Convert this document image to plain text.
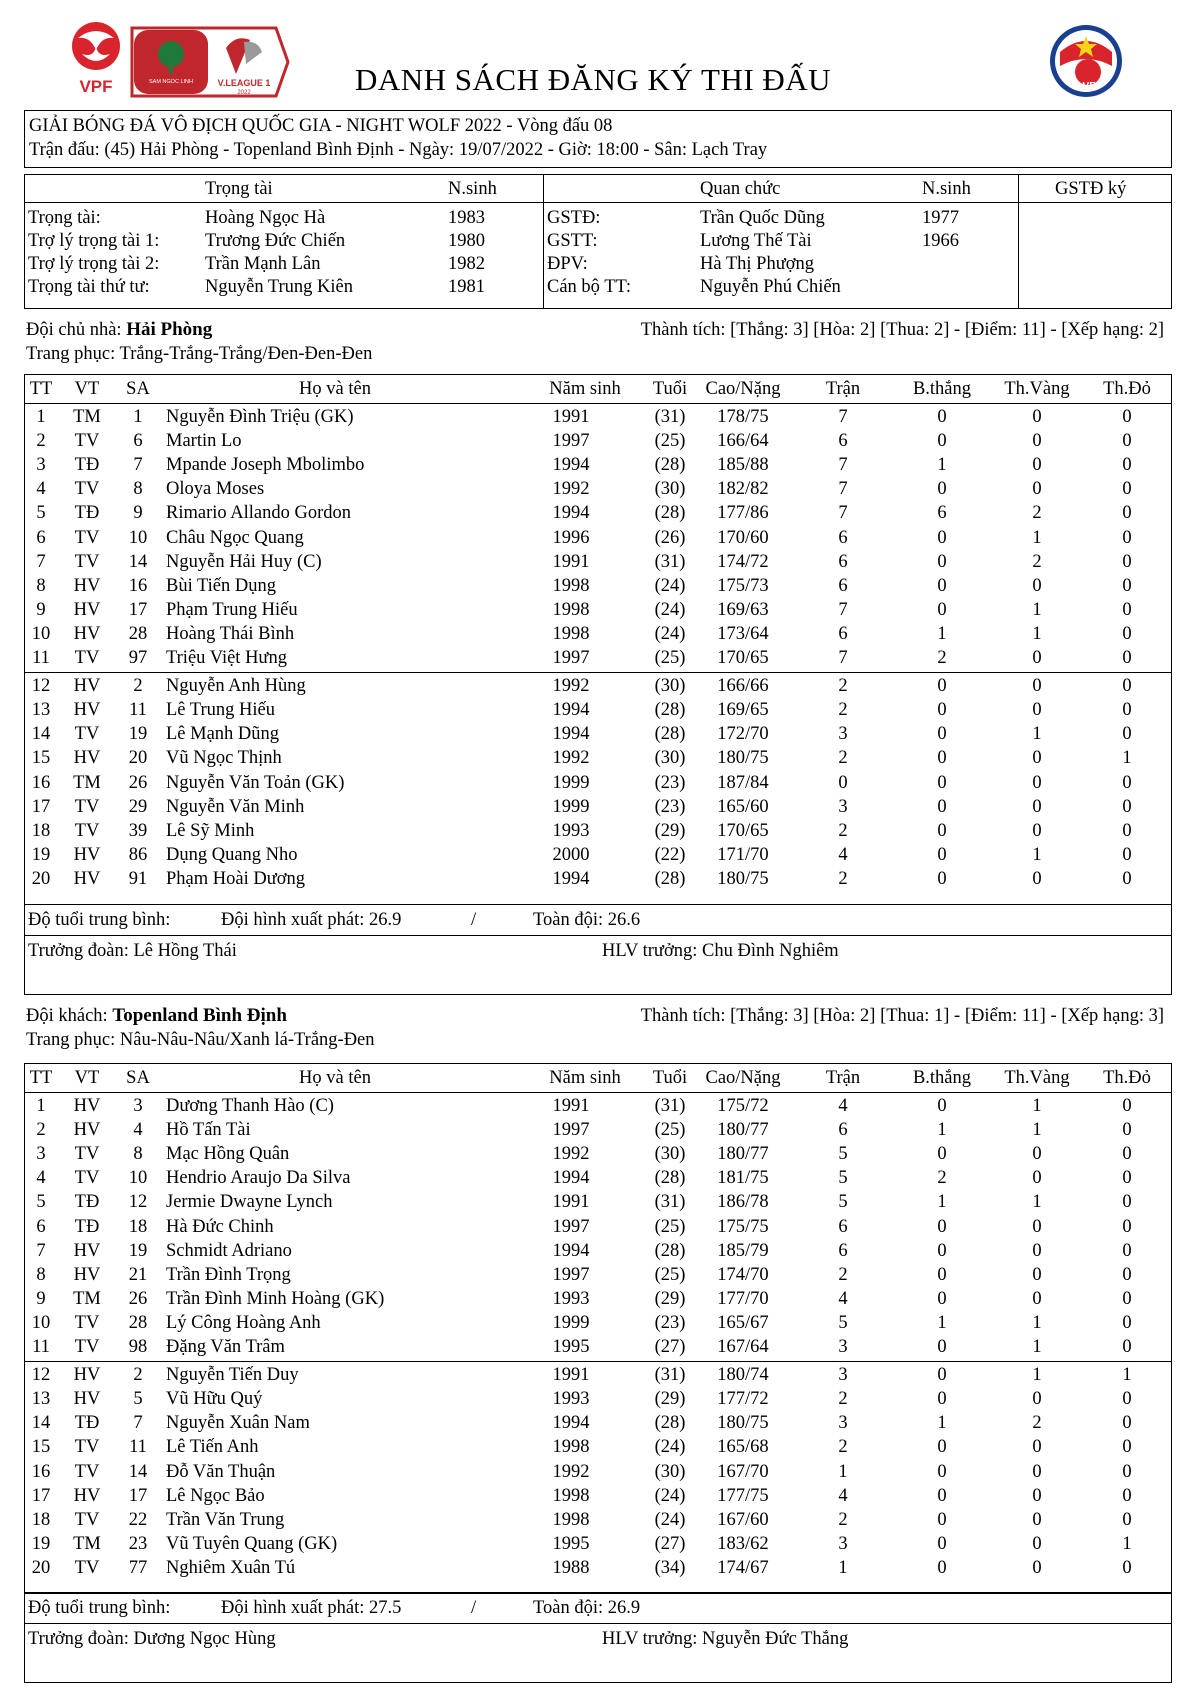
VPF	SAM NGOC LINH	V.LEAGUE 1
2022
VFF
DANH SÁCH ĐĂNG KÝ THI ĐẤU
GIẢI BÓNG ĐÁ VÔ ĐỊCH QUỐC GIA - NIGHT WOLF 2022 - Vòng đấu 08
Trận đấu: (45) Hải Phòng - Topenland Bình Định - Ngày: 19/07/2022 - Giờ: 18:00 - Sân: Lạch Tray
Trọng tài	N.sinh	Quan chức	N.sinh	GSTĐ ký
Trọng tài:	Hoàng Ngọc Hà	1983
Trợ lý trọng tài 1: Trương Đức Chiến	1980
Trợ lý trọng tài 2: Trần Mạnh Lân	1982
Trọng tài thứ tư:	Nguyễn Trung Kiên	1981
GSTĐ:	Trần Quốc Dũng	1977
GSTT:	Lương Thế Tài	1966
ĐPV:	Hà Thị Phượng
Cán bộ TT:	Nguyễn Phú Chiến
Đội chủ nhà: Hải Phòng	Thành tích: [Thắng: 3] [Hòa: 2] [Thua: 2] - [Điểm: 11] - [Xếp hạng: 2]
Trang phục: Trắng-Trắng-Trắng/Đen-Đen-Đen
TT	VT	SA	Họ và tên	Năm sinh	Tuổi Cao/Nặng	Trận	B.thắng	Th.Vàng	Th.Đỏ
1	TM	1	Nguyễn Đình Triệu (GK)	1991	(31)	178/75	7	0	0	0
2	TV	6	Martin Lo	1997	(25)	166/64	6	0	0	0
3	TĐ	7	Mpande Joseph Mbolimbo	1994	(28)	185/88	7	1	0	0
4	TV	8	Oloya Moses	1992	(30)	182/82	7	0	0	0
5	TĐ	9	Rimario Allando Gordon	1994	(28)	177/86	7	6	2	0
6	TV	10	Châu Ngọc Quang	1996	(26)	170/60	6	0	1	0
7	TV	14	Nguyễn Hải Huy (C)	1991	(31)	174/72	6	0	2	0
8	HV	16	Bùi Tiến Dụng	1998	(24)	175/73	6	0	0	0
9	HV	17	Phạm Trung Hiếu	1998	(24)	169/63	7	0	1	0
10 HV	28	Hoàng Thái Bình	1998	(24)	173/64	6	1	1	0
11	TV	97	Triệu Việt Hưng	1997	(25)	170/65	7	2	0	0
12 HV	2	Nguyễn Anh Hùng	1992	(30)	166/66	2	0	0	0
13 HV	11	Lê Trung Hiếu	1994	(28)	169/65	2	0	0	0
14	TV	19	Lê Mạnh Dũng	1994	(28)	172/70	3	0	1	0
15 HV	20	Vũ Ngọc Thịnh	1992	(30)	180/75	2	0	0	1
16 TM	26	Nguyễn Văn Toản (GK)	1999	(23)	187/84	0	0	0	0
17	TV	29	Nguyễn Văn Minh	1999	(23)	165/60	3	0	0	0
18	TV	39	Lê Sỹ Minh	1993	(29)	170/65	2	0	0	0
19 HV	86	Dụng Quang Nho	2000	(22)	171/70	4	0	1	0
20 HV	91	Phạm Hoài Dương	1994	(28)	180/75	2	0	0	0
Độ tuổi trung bình:	Đội hình xuất phát: 26.9	/	Toàn đội: 26.6
Trưởng đoàn: Lê Hồng Thái	HLV trưởng: Chu Đình Nghiêm
Đội khách: Topenland Bình Định	Thành tích: [Thắng: 3] [Hòa: 2] [Thua: 1] - [Điểm: 11] - [Xếp hạng: 3]
Trang phục: Nâu-Nâu-Nâu/Xanh lá-Trắng-Đen
TT	VT	SA	Họ và tên	Năm sinh	Tuổi Cao/Nặng	Trận	B.thắng	Th.Vàng	Th.Đỏ
1	HV	3	Dương Thanh Hào (C)	1991	(31)	175/72	4	0	1	0
2	HV	4	Hồ Tấn Tài	1997	(25)	180/77	6	1	1	0
3	TV	8	Mạc Hồng Quân	1992	(30)	180/77	5	0	0	0
4	TV	10	Hendrio Araujo Da Silva	1994	(28)	181/75	5	2	0	0
5	TĐ	12	Jermie Dwayne Lynch	1991	(31)	186/78	5	1	1	0
6	TĐ	18	Hà Đức Chinh	1997	(25)	175/75	6	0	0	0
7	HV	19	Schmidt Adriano	1994	(28)	185/79	6	0	0	0
8	HV	21	Trần Đình Trọng	1997	(25)	174/70	2	0	0	0
9	TM	26	Trần Đình Minh Hoàng (GK)	1993	(29)	177/70	4	0	0	0
10	TV	28	Lý Công Hoàng Anh	1999	(23)	165/67	5	1	1	0
11	TV	98	Đặng Văn Trâm	1995	(27)	167/64	3	0	1	0
12 HV	2	Nguyễn Tiến Duy	1991	(31)	180/74	3	0	1	1
13 HV	5	Vũ Hữu Quý	1993	(29)	177/72	2	0	0	0
14	TĐ	7	Nguyễn Xuân Nam	1994	(28)	180/75	3	1	2	0
15	TV	11	Lê Tiến Anh	1998	(24)	165/68	2	0	0	0
16	TV	14	Đỗ Văn Thuận	1992	(30)	167/70	1	0	0	0
17 HV	17	Lê Ngọc Bảo	1998	(24)	177/75	4	0	0	0
18	TV	22	Trần Văn Trung	1998	(24)	167/60	2	0	0	0
19 TM	23	Vũ Tuyên Quang (GK)	1995	(27)	183/62	3	0	0	1
20	TV	77	Nghiêm Xuân Tú	1988	(34)	174/67	1	0	0	0
Độ tuổi trung bình:	Đội hình xuất phát: 27.5	/	Toàn đội: 26.9
Trưởng đoàn: Dương Ngọc Hùng	HLV trưởng: Nguyễn Đức Thắng
